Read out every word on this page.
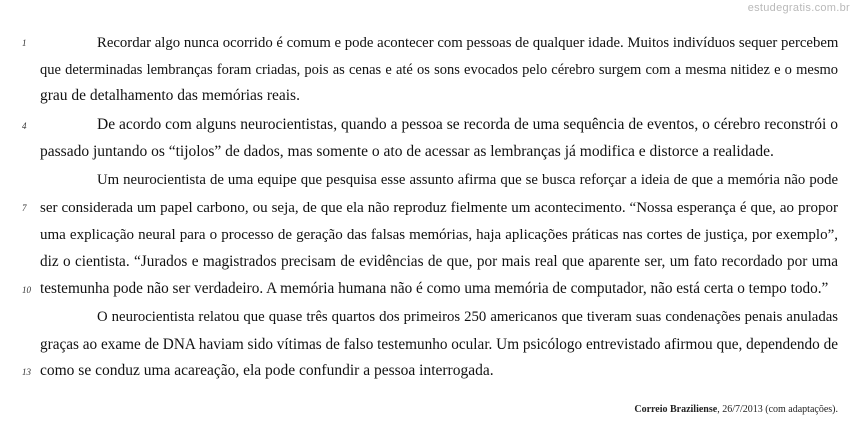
estudegratis.com.br
1
4
7
10
13
Recordar algo nunca ocorrido é comum e pode acontecer com pessoas de qualquer idade. Muitos indivíduos sequer percebem
que determinadas lembranças foram criadas, pois as cenas e até os sons evocados pelo cérebro surgem com a mesma nitidez e o mesmo
grau de detalhamento das memórias reais.
De acordo com alguns neurocientistas, quando a pessoa se recorda de uma sequência de eventos, o cérebro reconstrói o
passado juntando os “tijolos” de dados, mas somente o ato de acessar as lembranças já modifica e distorce a realidade.
Um neurocientista de uma equipe que pesquisa esse assunto afirma que se busca reforçar a ideia de que a memória não pode
ser considerada um papel carbono, ou seja, de que ela não reproduz fielmente um acontecimento. “Nossa esperança é que, ao propor
uma explicação neural para o processo de geração das falsas memórias, haja aplicações práticas nas cortes de justiça, por exemplo”,
diz o cientista. “Jurados e magistrados precisam de evidências de que, por mais real que aparente ser, um fato recordado por uma
testemunha pode não ser verdadeiro. A memória humana não é como uma memória de computador, não está certa o tempo todo.”
O neurocientista relatou que quase três quartos dos primeiros 250 americanos que tiveram suas condenações penais anuladas
graças ao exame de DNA haviam sido vítimas de falso testemunho ocular. Um psicólogo entrevistado afirmou que, dependendo de
como se conduz uma acareação, ela pode confundir a pessoa interrogada.
Correio Braziliense, 26/7/2013 (com adaptações).
